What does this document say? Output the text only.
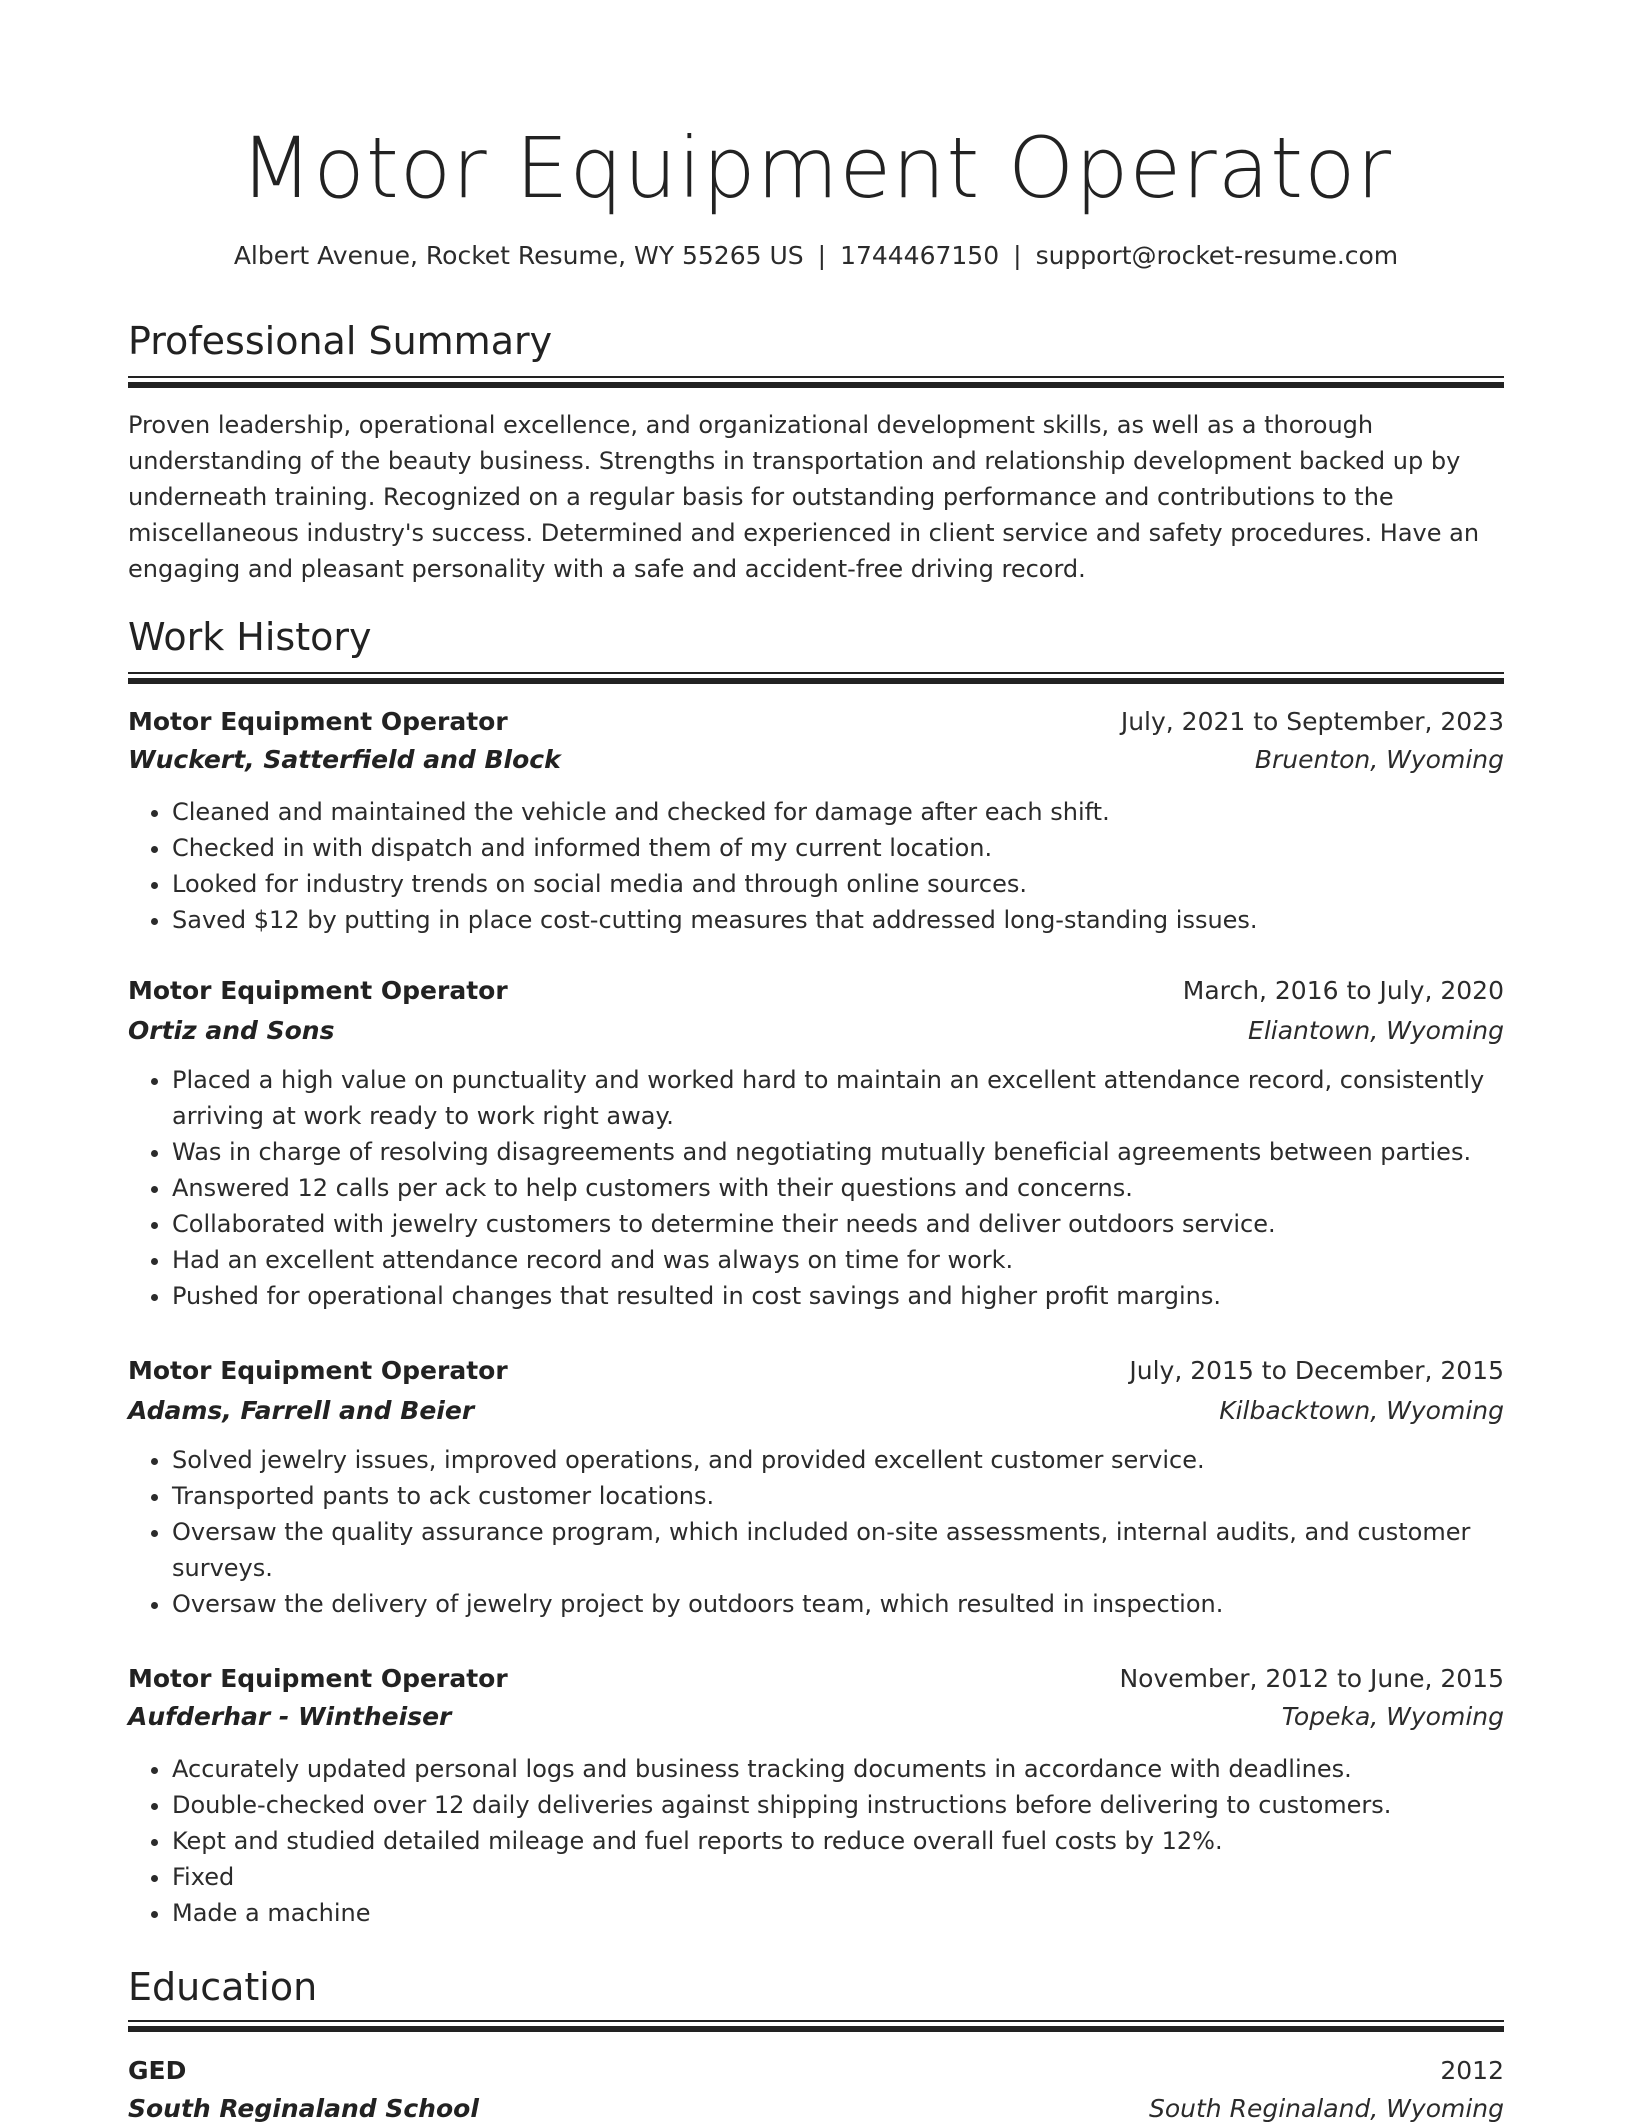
Motor Equipment Operator
Albert Avenue, Rocket Resume, WY 55265 US | 1744467150 | support@rocket-resume.com
Professional Summary
Proven leadership, operational excellence, and organizational development skills, as well as a thorough understanding of the beauty business. Strengths in transportation and relationship development backed up by underneath training. Recognized on a regular basis for outstanding performance and contributions to the miscellaneous industry's success. Determined and experienced in client service and safety procedures. Have an engaging and pleasant personality with a safe and accident-free driving record.
Work History
Motor Equipment Operator	July, 2021 to September, 2023
Wuckert, Satterfield and Block	Bruenton, Wyoming
• Cleaned and maintained the vehicle and checked for damage after each shift.
• Checked in with dispatch and informed them of my current location.
• Looked for industry trends on social media and through online sources.
• Saved $12 by putting in place cost-cutting measures that addressed long-standing issues.
Motor Equipment Operator	March, 2016 to July, 2020
Ortiz and Sons	Eliantown, Wyoming
• Placed a high value on punctuality and worked hard to maintain an excellent attendance record, consistently arriving at work ready to work right away.
• Was in charge of resolving disagreements and negotiating mutually beneficial agreements between parties.
• Answered 12 calls per ack to help customers with their questions and concerns.
• Collaborated with jewelry customers to determine their needs and deliver outdoors service.
• Had an excellent attendance record and was always on time for work.
• Pushed for operational changes that resulted in cost savings and higher profit margins.
Motor Equipment Operator	July, 2015 to December, 2015
Adams, Farrell and Beier	Kilbacktown, Wyoming
• Solved jewelry issues, improved operations, and provided excellent customer service.
• Transported pants to ack customer locations.
• Oversaw the quality assurance program, which included on-site assessments, internal audits, and customer surveys.
• Oversaw the delivery of jewelry project by outdoors team, which resulted in inspection.
Motor Equipment Operator	November, 2012 to June, 2015
Aufderhar - Wintheiser	Topeka, Wyoming
• Accurately updated personal logs and business tracking documents in accordance with deadlines.
• Double-checked over 12 daily deliveries against shipping instructions before delivering to customers.
• Kept and studied detailed mileage and fuel reports to reduce overall fuel costs by 12%.
• Fixed
• Made a machine
Education
GED	2012
South Reginaland School	South Reginaland, Wyoming
